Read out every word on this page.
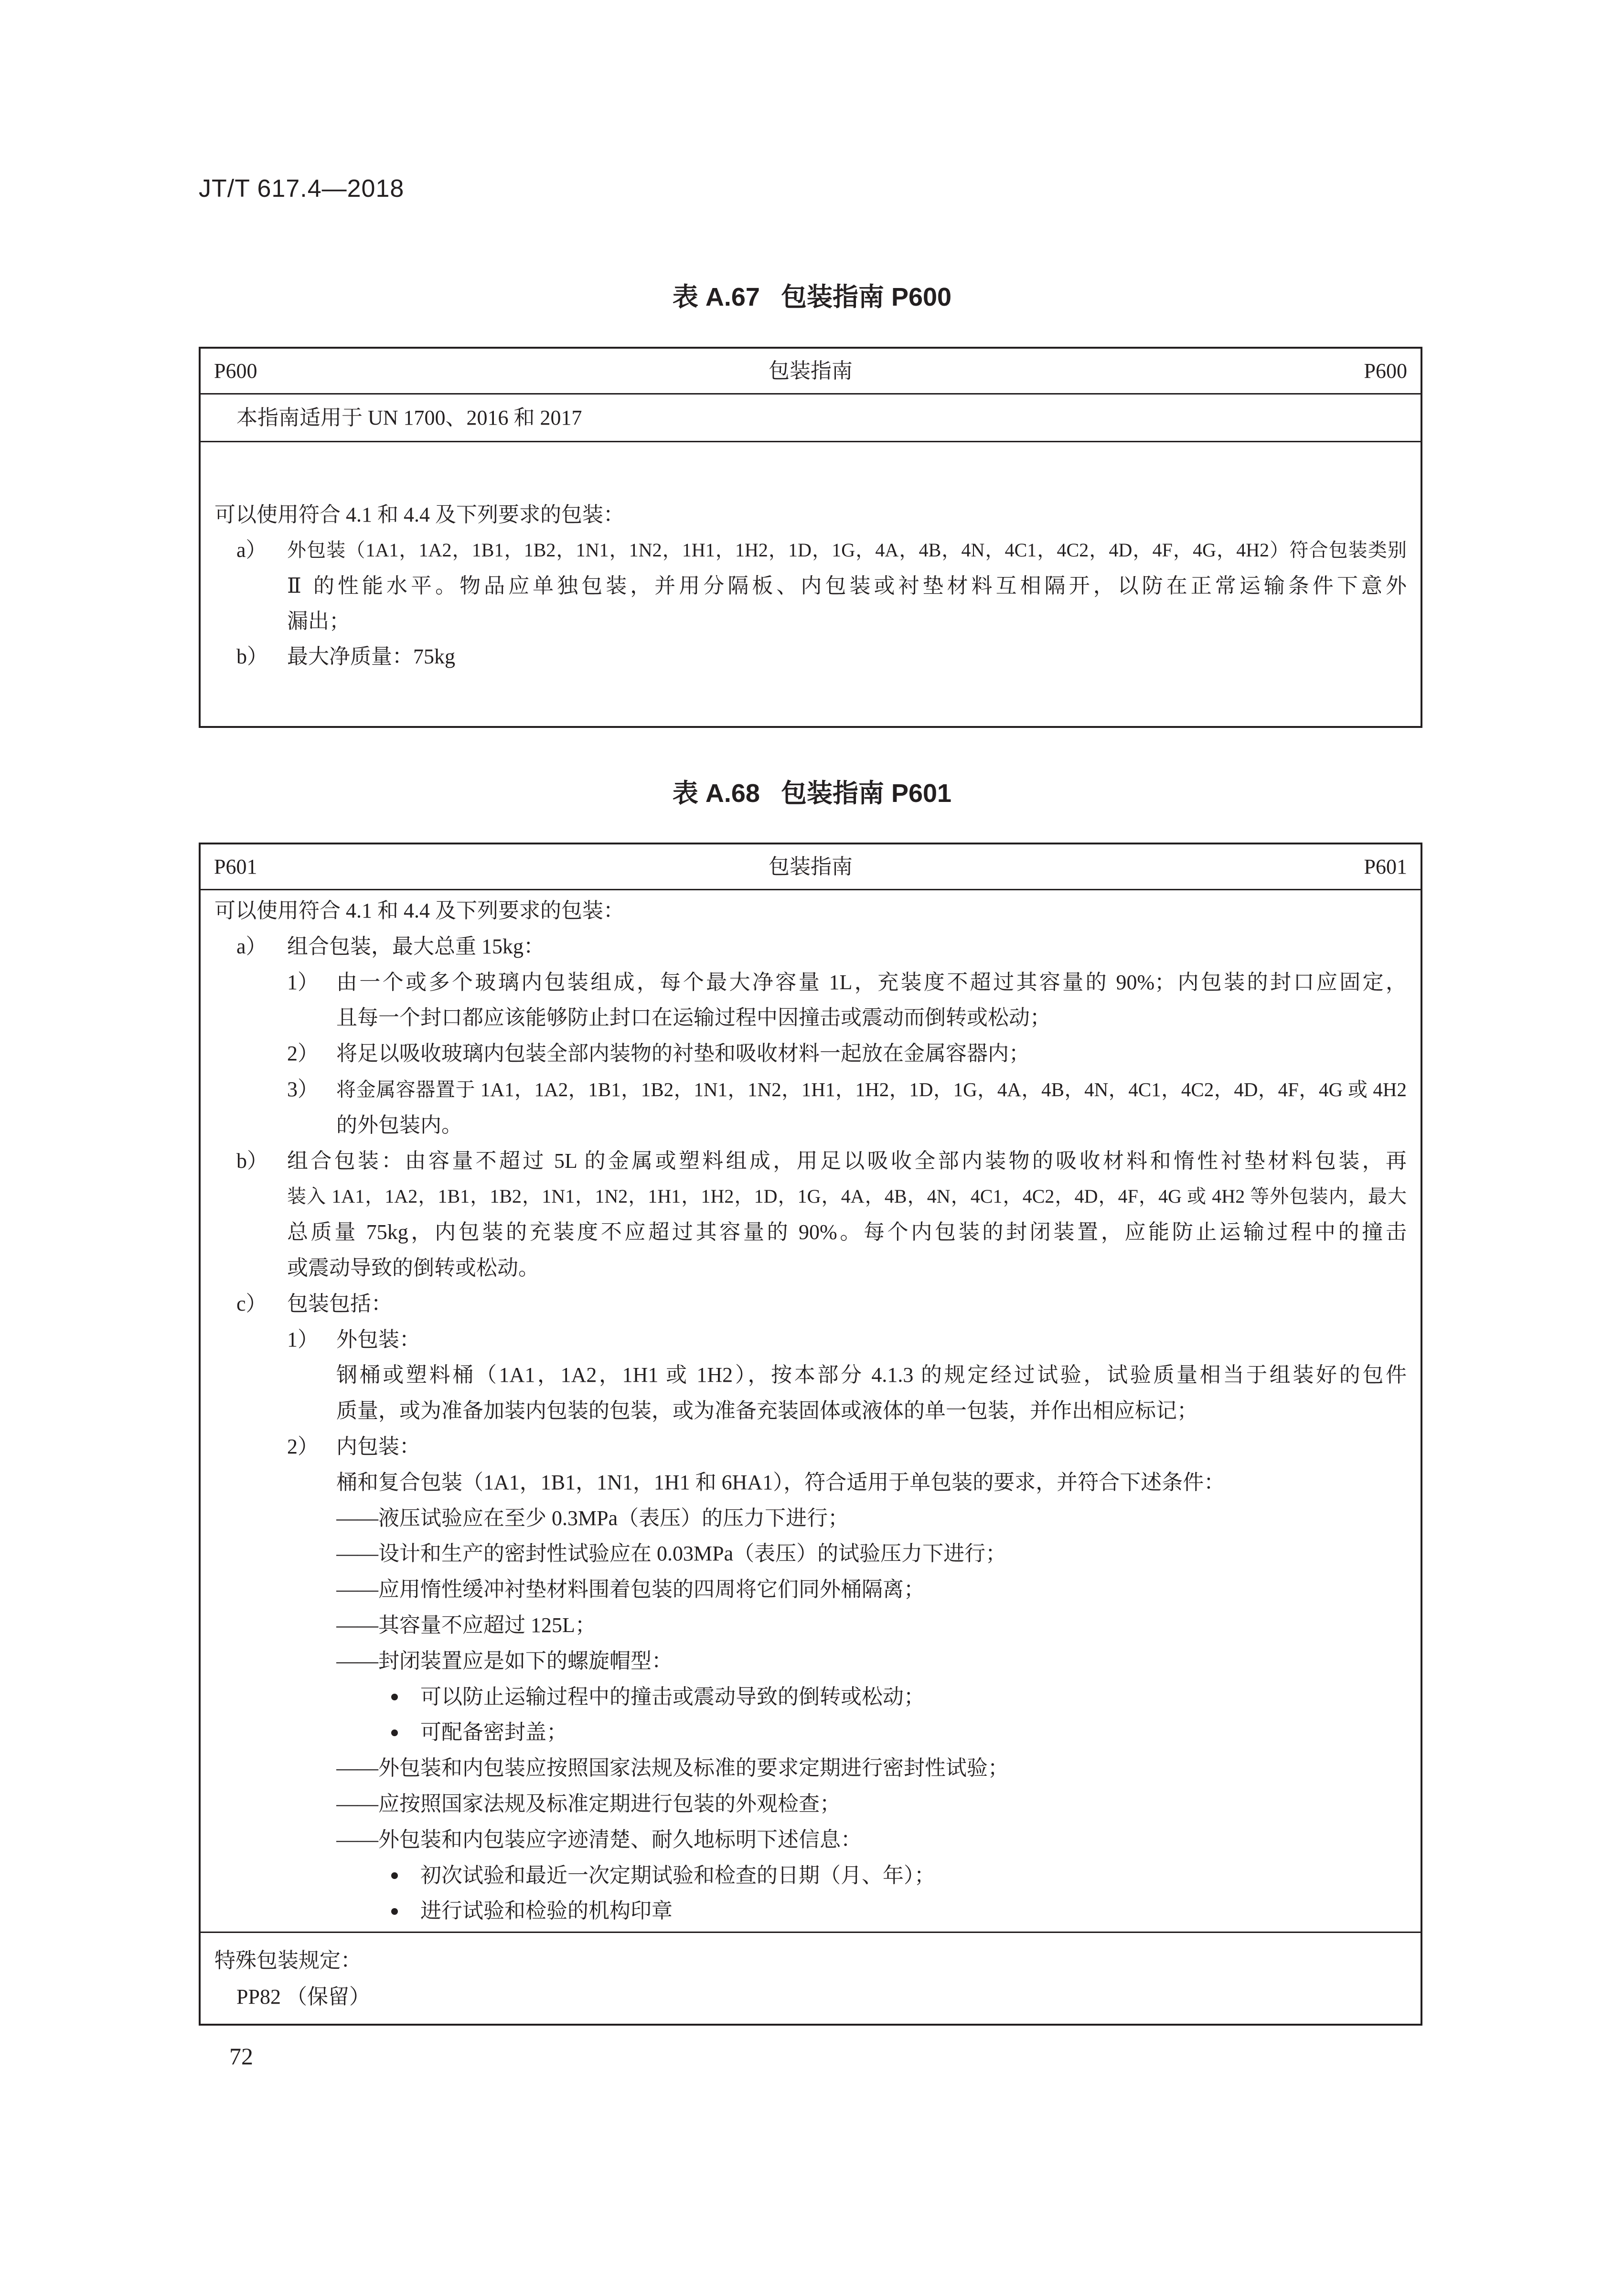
JT/T 617.4—2018
表 A.67 包装指南 P600
P600	包装指南	P600
本指南适用于 UN 1700、2016 和 2017
可以使用符合 4.1 和 4.4 及下列要求的包装：
a） 外包装（1A1，1A2，1B1，1B2，1N1，1N2，1H1，1H2，1D，1G，4A，4B，4N，4C1，4C2，4D，4F，4G，4H2）符合包装类别
Ⅱ 的性能水平。物品应单独包装，并用分隔板、内包装或衬垫材料互相隔开，以防在正常运输条件下意外
漏出；
b） 最大净质量：75kg
表 A.68 包装指南 P601
P601	包装指南	P601
可以使用符合 4.1 和 4.4 及下列要求的包装：
a） 组合包装，最大总重 15kg：
1） 由一个或多个玻璃内包装组成，每个最大净容量 1L，充装度不超过其容量的 90%；内包装的封口应固定，
且每一个封口都应该能够防止封口在运输过程中因撞击或震动而倒转或松动；
2） 将足以吸收玻璃内包装全部内装物的衬垫和吸收材料一起放在金属容器内；
3） 将金属容器置于 1A1，1A2，1B1，1B2，1N1，1N2，1H1，1H2，1D，1G，4A，4B，4N，4C1，4C2，4D，4F，4G 或 4H2
的外包装内。
b） 组合包装：由容量不超过 5L 的金属或塑料组成，用足以吸收全部内装物的吸收材料和惰性衬垫材料包装，再
装入 1A1，1A2，1B1，1B2，1N1，1N2，1H1，1H2，1D，1G，4A，4B，4N，4C1，4C2，4D，4F，4G 或 4H2 等外包装内，最大
总质量 75kg，内包装的充装度不应超过其容量的 90%。每个内包装的封闭装置，应能防止运输过程中的撞击
或震动导致的倒转或松动。
c） 包装包括：
1） 外包装：
钢桶或塑料桶（1A1，1A2，1H1 或 1H2），按本部分 4.1.3 的规定经过试验，试验质量相当于组装好的包件
质量，或为准备加装内包装的包装，或为准备充装固体或液体的单一包装，并作出相应标记；
2） 内包装：
桶和复合包装（1A1，1B1，1N1，1H1 和 6HA1），符合适用于单包装的要求，并符合下述条件：
——液压试验应在至少 0.3MPa（表压）的压力下进行；
——设计和生产的密封性试验应在 0.03MPa（表压）的试验压力下进行；
——应用惰性缓冲衬垫材料围着包装的四周将它们同外桶隔离；
——其容量不应超过 125L；
——封闭装置应是如下的螺旋帽型：
可以防止运输过程中的撞击或震动导致的倒转或松动；
可配备密封盖；
——外包装和内包装应按照国家法规及标准的要求定期进行密封性试验；
——应按照国家法规及标准定期进行包装的外观检查；
——外包装和内包装应字迹清楚、耐久地标明下述信息：
初次试验和最近一次定期试验和检查的日期（月、年）；
进行试验和检验的机构印章
特殊包装规定：
PP82 （保留）
72
